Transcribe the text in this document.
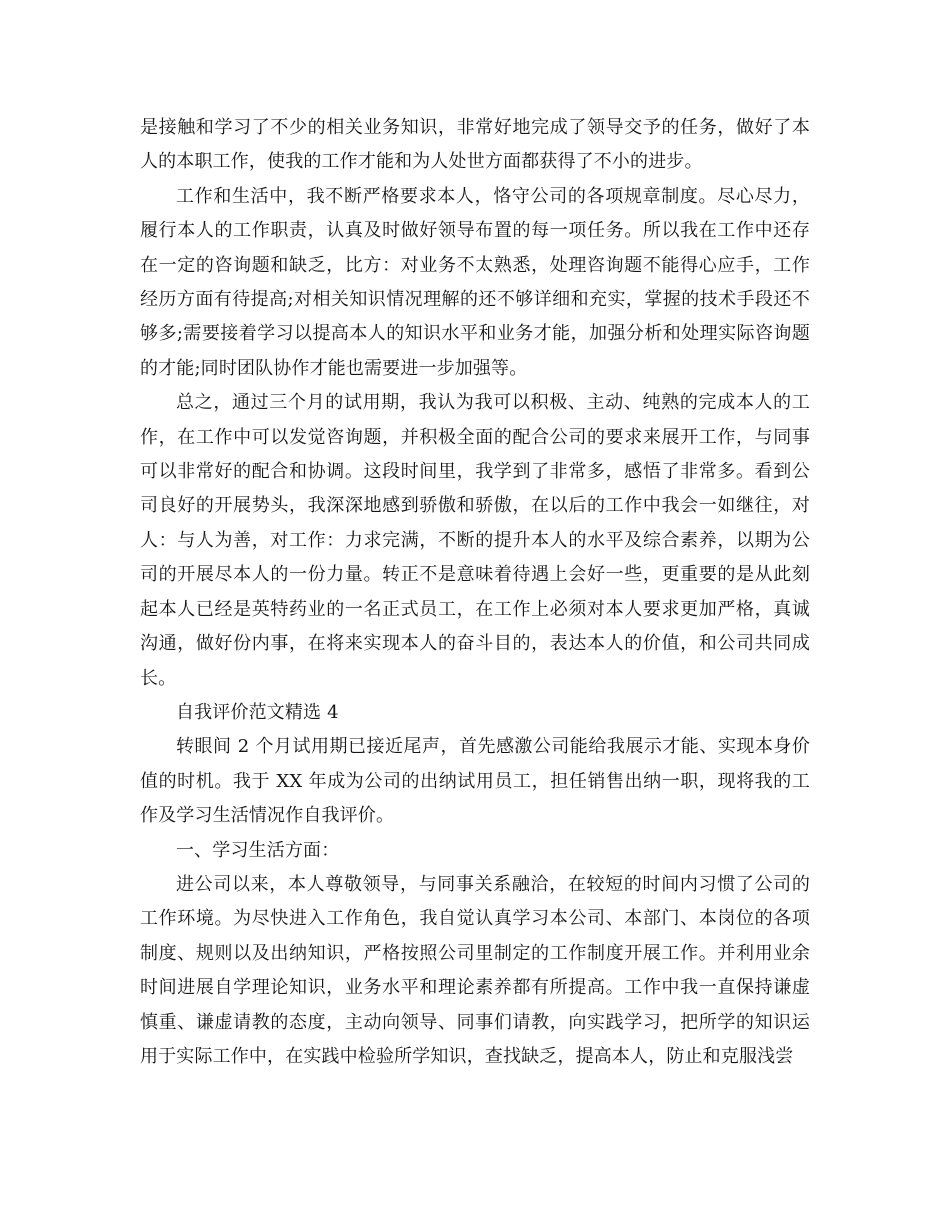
是接触和学习了不少的相关业务知识，非常好地完成了领导交予的任务，做好了本人的本职工作，使我的工作才能和为人处世方面都获得了不小的进步。

工作和生活中，我不断严格要求本人，恪守公司的各项规章制度。尽心尽力，履行本人的工作职责，认真及时做好领导布置的每一项任务。所以我在工作中还存在一定的咨询题和缺乏，比方：对业务不太熟悉，处理咨询题不能得心应手，工作经历方面有待提高;对相关知识情况理解的还不够详细和充实，掌握的技术手段还不够多;需要接着学习以提高本人的知识水平和业务才能，加强分析和处理实际咨询题的才能;同时团队协作才能也需要进一步加强等。

总之，通过三个月的试用期，我认为我可以积极、主动、纯熟的完成本人的工作，在工作中可以发觉咨询题，并积极全面的配合公司的要求来展开工作，与同事可以非常好的配合和协调。这段时间里，我学到了非常多，感悟了非常多。看到公司良好的开展势头，我深深地感到骄傲和骄傲，在以后的工作中我会一如继往，对人：与人为善，对工作：力求完满，不断的提升本人的水平及综合素养，以期为公司的开展尽本人的一份力量。转正不是意味着待遇上会好一些，更重要的是从此刻起本人已经是英特药业的一名正式员工，在工作上必须对本人要求更加严格，真诚沟通，做好份内事，在将来实现本人的奋斗目的，表达本人的价值，和公司共同成长。

自我评价范文精选 4

转眼间 2 个月试用期已接近尾声，首先感激公司能给我展示才能、实现本身价值的时机。我于 XX 年成为公司的出纳试用员工，担任销售出纳一职，现将我的工作及学习生活情况作自我评价。

一、学习生活方面：

进公司以来，本人尊敬领导，与同事关系融洽，在较短的时间内习惯了公司的工作环境。为尽快进入工作角色，我自觉认真学习本公司、本部门、本岗位的各项制度、规则以及出纳知识，严格按照公司里制定的工作制度开展工作。并利用业余时间进展自学理论知识，业务水平和理论素养都有所提高。工作中我一直保持谦虚慎重、谦虚请教的态度，主动向领导、同事们请教，向实践学习，把所学的知识运用于实际工作中，在实践中检验所学知识，查找缺乏，提高本人，防止和克服浅尝
